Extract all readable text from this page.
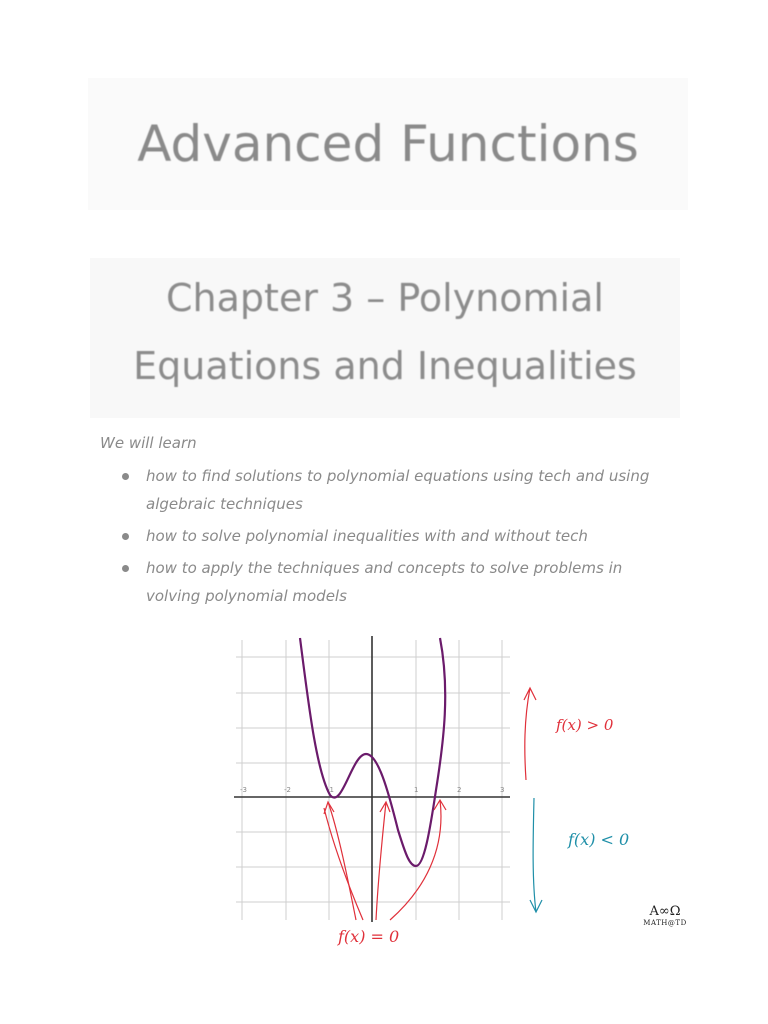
Advanced Functions
Chapter 3 – Polynomial
Equations and Inequalities
We will learn
how to find solutions to polynomial equations using tech and using algebraic techniques
how to solve polynomial inequalities with and without tech
how to apply the techniques and concepts to solve problems in volving polynomial models
-3	-2	-1	1	2	3
f(x) > 0
f(x) < 0
f(x) = 0
A∞Ω
MATH@TD
